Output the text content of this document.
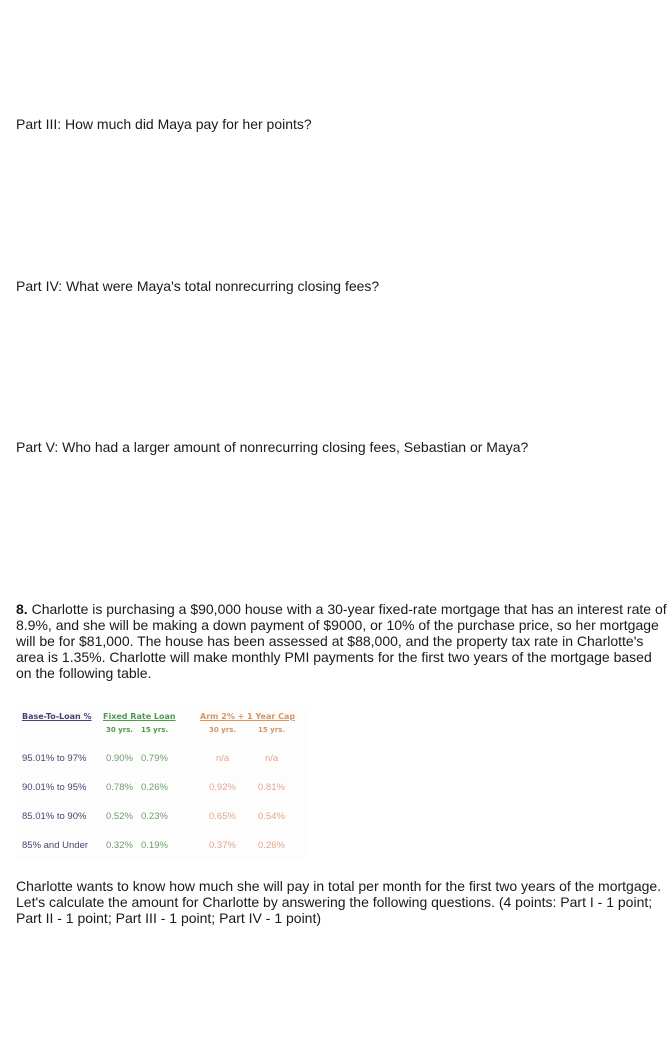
Part III: How much did Maya pay for her points?

Part IV: What were Maya's total nonrecurring closing fees?

Part V: Who had a larger amount of nonrecurring closing fees, Sebastian or Maya?

8. Charlotte is purchasing a $90,000 house with a 30-year fixed-rate mortgage that has an interest rate of 8.9%, and she will be making a down payment of $9000, or 10% of the purchase price, so her mortgage will be for $81,000. The house has been assessed at $88,000, and the property tax rate in Charlotte's area is 1.35%. Charlotte will make monthly PMI payments for the first two years of the mortgage based on the following table.

Base-To-Loan % Fixed Rate Loan	Arm 2% + 1 Year Cap
30 yrs. 15 yrs.	30 yrs.	15 yrs.
95.01% to 97% 0.90% 0.79%	n/a	n/a
90.01% to 95% 0.78% 0.26%	0.92% 0.81%
85.01% to 90% 0.52% 0.23%	0.65% 0.54%
85% and Under 0.32% 0.19%	0.37% 0.26%

Charlotte wants to know how much she will pay in total per month for the first two years of the mortgage. Let's calculate the amount for Charlotte by answering the following questions. (4 points: Part I - 1 point; Part II - 1 point; Part III - 1 point; Part IV - 1 point)
